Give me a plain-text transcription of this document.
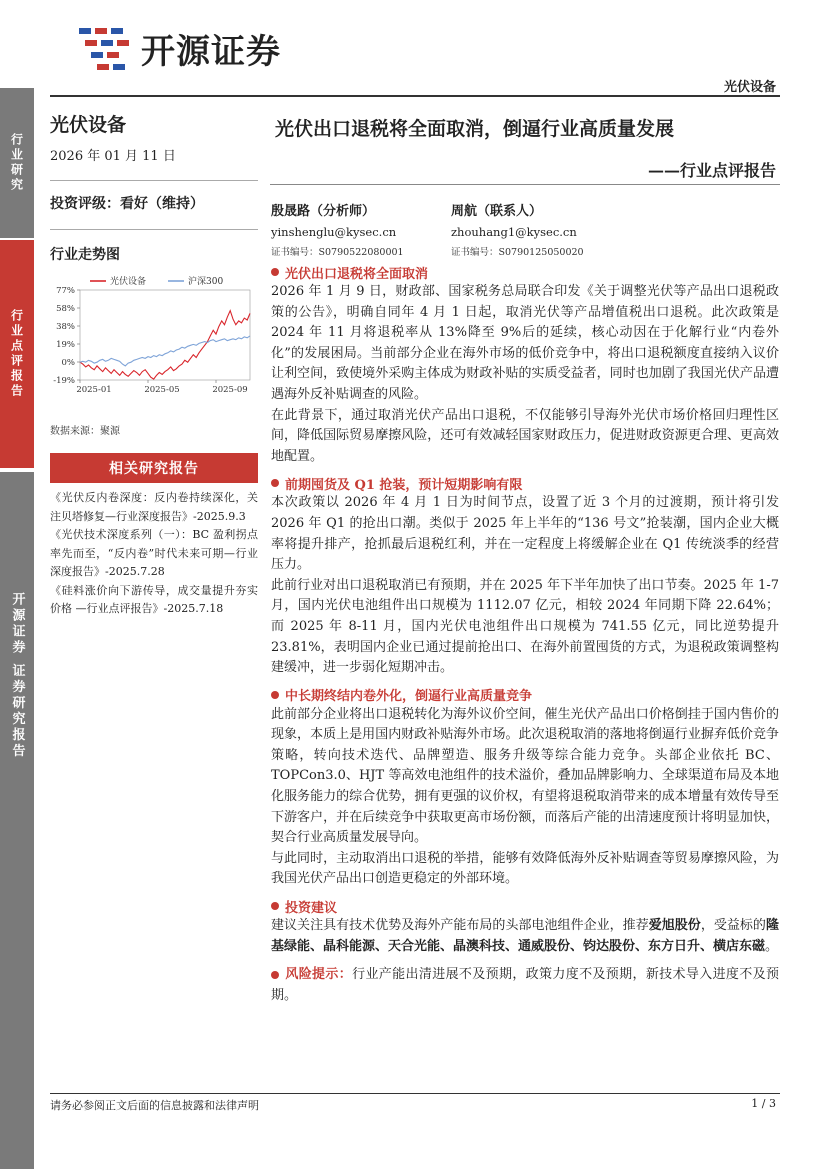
开源证券
光伏设备
行业研究
行业点评报告
开源证券 证券研究报告
光伏设备
2026 年 01 月 11 日
投资评级：看好（维持）
行业走势图
77%
58%
38%
19%
0%
-19%
2025-01	2025-05	2025-09
光伏设备	沪深300
数据来源：聚源
相关研究报告
《光伏反内卷深度：反内卷持续深化，关注贝塔修复—行业深度报告》-2025.9.3
《光伏技术深度系列（一）：BC 盈利拐点率先而至，“反内卷”时代未来可期—行业深度报告》-2025.7.28
《硅料涨价向下游传导，成交量提升夯实价格 —行业点评报告》-2025.7.18
光伏出口退税将全面取消，倒逼行业高质量发展
——行业点评报告
殷晟路（分析师）
yinshenglu@kysec.cn
证书编号：S0790522080001
周航（联系人）
zhouhang1@kysec.cn
证书编号：S0790125050020
光伏出口退税将全面取消

2026 年 1 月 9 日，财政部、国家税务总局联合印发《关于调整光伏等产品出口退税政策的公告》，明确自同年 4 月 1 日起，取消光伏等产品增值税出口退税。此次政策是 2024 年 11 月将退税率从 13%降至 9%后的延续，核心动因在于化解行业“内卷外化”的发展困局。当前部分企业在海外市场的低价竞争中，将出口退税额度直接纳入议价让利空间，致使境外采购主体成为财政补贴的实质受益者，同时也加剧了我国光伏产品遭遇海外反补贴调查的风险。

在此背景下，通过取消光伏产品出口退税，不仅能够引导海外光伏市场价格回归理性区间，降低国际贸易摩擦风险，还可有效减轻国家财政压力，促进财政资源更合理、更高效地配置。

前期囤货及 Q1 抢装，预计短期影响有限

本次政策以 2026 年 4 月 1 日为时间节点，设置了近 3 个月的过渡期，预计将引发 2026 年 Q1 的抢出口潮。类似于 2025 年上半年的“136 号文”抢装潮，国内企业大概率将提升排产，抢抓最后退税红利，并在一定程度上将缓解企业在 Q1 传统淡季的经营压力。

此前行业对出口退税取消已有预期，并在 2025 年下半年加快了出口节奏。2025 年 1-7 月，国内光伏电池组件出口规模为 1112.07 亿元，相较 2024 年同期下降 22.64%；而 2025 年 8-11 月，国内光伏电池组件出口规模为 741.55 亿元，同比逆势提升 23.81%，表明国内企业已通过提前抢出口、在海外前置囤货的方式，为退税政策调整构建缓冲，进一步弱化短期冲击。

中长期终结内卷外化，倒逼行业高质量竞争

此前部分企业将出口退税转化为海外议价空间，催生光伏产品出口价格倒挂于国内售价的现象，本质上是用国内财政补贴海外市场。此次退税取消的落地将倒逼行业摒弃低价竞争策略，转向技术迭代、品牌塑造、服务升级等综合能力竞争。头部企业依托 BC、TOPCon3.0、HJT 等高效电池组件的技术溢价，叠加品牌影响力、全球渠道布局及本地化服务能力的综合优势，拥有更强的议价权，有望将退税取消带来的成本增量有效传导至下游客户，并在后续竞争中获取更高市场份额，而落后产能的出清速度预计将明显加快，契合行业高质量发展导向。

与此同时，主动取消出口退税的举措，能够有效降低海外反补贴调查等贸易摩擦风险，为我国光伏产品出口创造更稳定的外部环境。

投资建议

建议关注具有技术优势及海外产能布局的头部电池组件企业，推荐爱旭股份，受益标的隆基绿能、晶科能源、天合光能、晶澳科技、通威股份、钧达股份、东方日升、横店东磁。

风险提示：行业产能出清进展不及预期，政策力度不及预期，新技术导入进度不及预期。

请务必参阅正文后面的信息披露和法律声明	1 / 3
